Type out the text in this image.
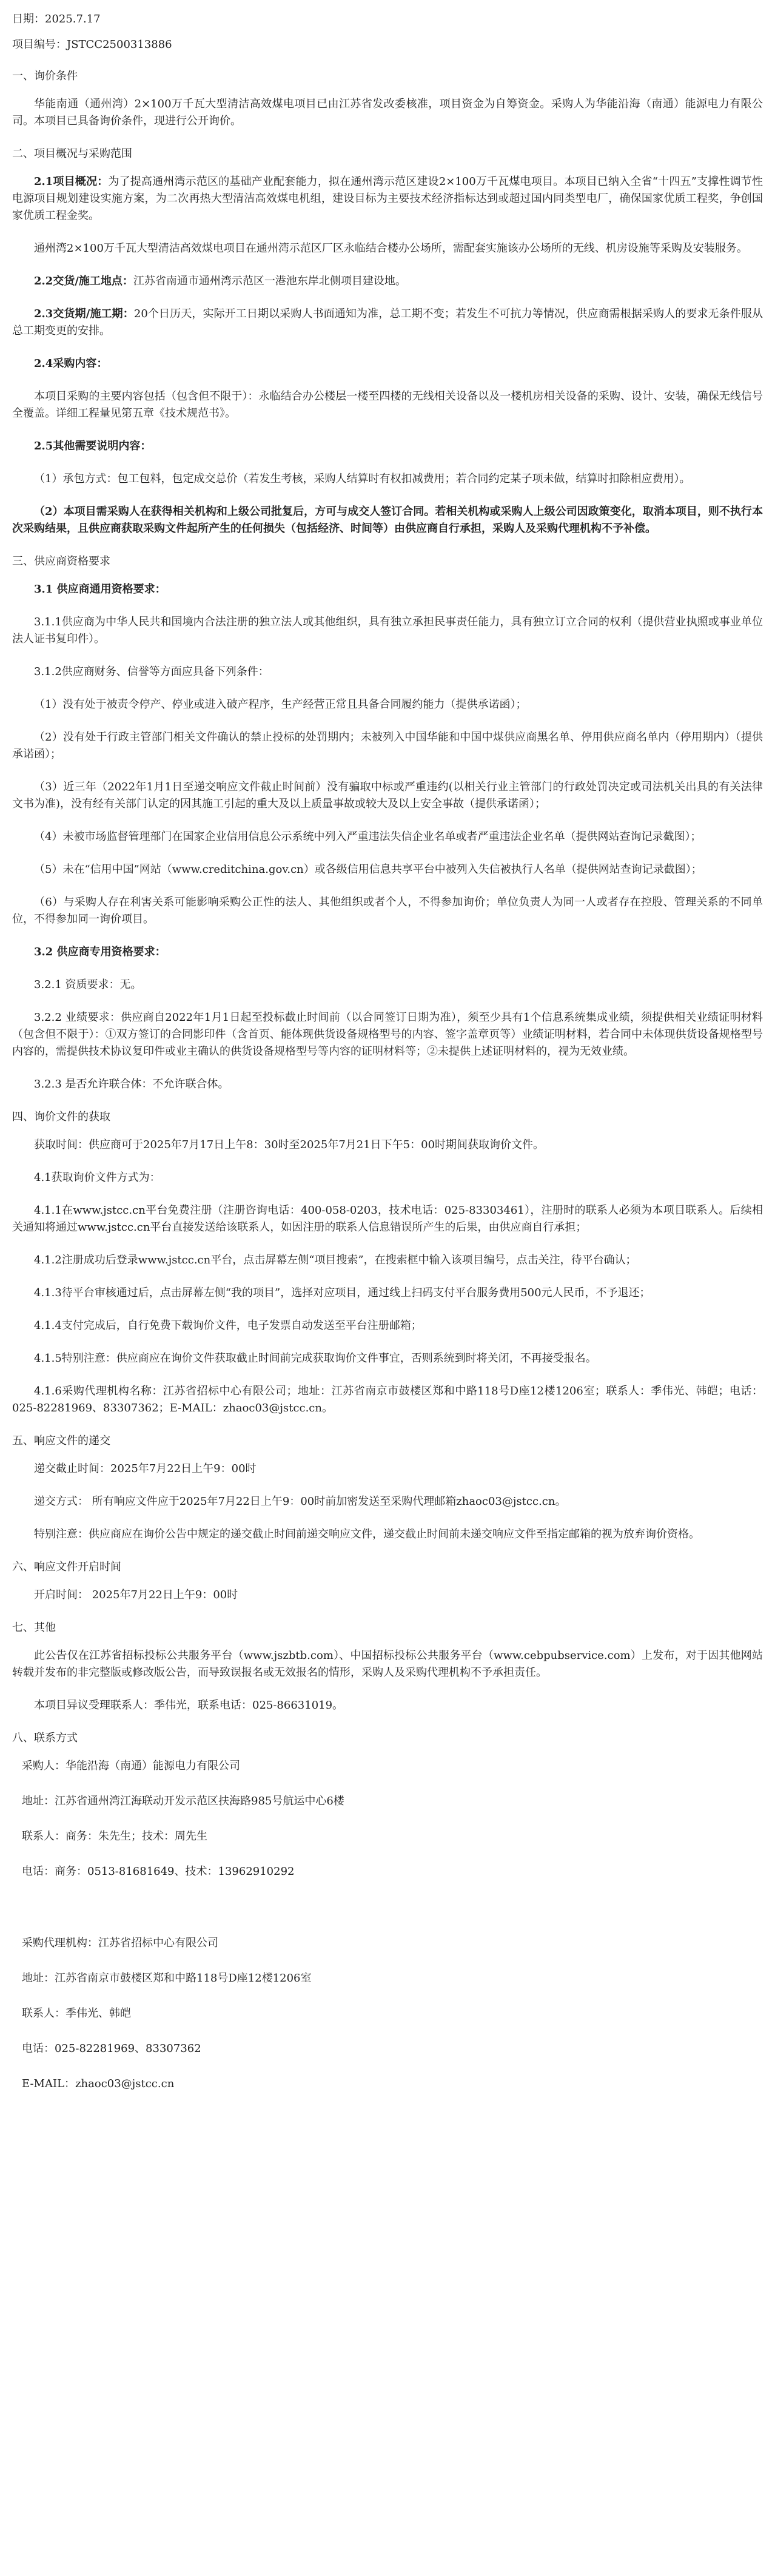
日期：2025.7.17
项目编号：JSTCC2500313886
一、询价条件
华能南通（通州湾）2×100万千瓦大型清洁高效煤电项目已由江苏省发改委核准，项目资金为自筹资金。采购人为华能沿海（南通）能源电力有限公司。本项目已具备询价条件，现进行公开询价。
二、项目概况与采购范围
2.1项目概况：为了提高通州湾示范区的基础产业配套能力，拟在通州湾示范区建设2×100万千瓦煤电项目。本项目已纳入全省“十四五”支撑性调节性电源项目规划建设实施方案，为二次再热大型清洁高效煤电机组，建设目标为主要技术经济指标达到或超过国内同类型电厂，确保国家优质工程奖，争创国家优质工程金奖。
通州湾2×100万千瓦大型清洁高效煤电项目在通州湾示范区厂区永临结合楼办公场所，需配套实施该办公场所的无线、机房设施等采购及安装服务。
2.2交货/施工地点：江苏省南通市通州湾示范区一港池东岸北侧项目建设地。
2.3交货期/施工期：20个日历天，实际开工日期以采购人书面通知为准，总工期不变；若发生不可抗力等情况，供应商需根据采购人的要求无条件服从总工期变更的安排。
2.4采购内容：
本项目采购的主要内容包括（包含但不限于）：永临结合办公楼层一楼至四楼的无线相关设备以及一楼机房相关设备的采购、设计、安装，确保无线信号全覆盖。详细工程量见第五章《技术规范书》。
2.5其他需要说明内容：
（1）承包方式：包工包料，包定成交总价（若发生考核，采购人结算时有权扣减费用；若合同约定某子项未做，结算时扣除相应费用）。
（2）本项目需采购人在获得相关机构和上级公司批复后，方可与成交人签订合同。若相关机构或采购人上级公司因政策变化，取消本项目，则不执行本次采购结果，且供应商获取采购文件起所产生的任何损失（包括经济、时间等）由供应商自行承担，采购人及采购代理机构不予补偿。
三、供应商资格要求
3.1 供应商通用资格要求：
3.1.1供应商为中华人民共和国境内合法注册的独立法人或其他组织，具有独立承担民事责任能力，具有独立订立合同的权利（提供营业执照或事业单位法人证书复印件）。
3.1.2供应商财务、信誉等方面应具备下列条件：
（1）没有处于被责令停产、停业或进入破产程序，生产经营正常且具备合同履约能力（提供承诺函）；
（2）没有处于行政主管部门相关文件确认的禁止投标的处罚期内；未被列入中国华能和中国中煤供应商黑名单、停用供应商名单内（停用期内）（提供承诺函）；
（3）近三年（2022年1月1日至递交响应文件截止时间前）没有骗取中标或严重违约(以相关行业主管部门的行政处罚决定或司法机关出具的有关法律文书为准)，没有经有关部门认定的因其施工引起的重大及以上质量事故或较大及以上安全事故（提供承诺函）；
（4）未被市场监督管理部门在国家企业信用信息公示系统中列入严重违法失信企业名单或者严重违法企业名单（提供网站查询记录截图）；
（5）未在“信用中国”网站（www.creditchina.gov.cn）或各级信用信息共享平台中被列入失信被执行人名单（提供网站查询记录截图）；
（6）与采购人存在利害关系可能影响采购公正性的法人、其他组织或者个人，不得参加询价；单位负责人为同一人或者存在控股、管理关系的不同单位，不得参加同一询价项目。
3.2 供应商专用资格要求：
3.2.1 资质要求：无。
3.2.2 业绩要求：供应商自2022年1月1日起至投标截止时间前（以合同签订日期为准），须至少具有1个信息系统集成业绩，须提供相关业绩证明材料（包含但不限于）：①双方签订的合同影印件（含首页、能体现供货设备规格型号的内容、签字盖章页等）业绩证明材料，若合同中未体现供货设备规格型号内容的，需提供技术协议复印件或业主确认的供货设备规格型号等内容的证明材料等；②未提供上述证明材料的，视为无效业绩。
3.2.3 是否允许联合体：不允许联合体。
四、询价文件的获取
获取时间：供应商可于2025年7月17日上午8：30时至2025年7月21日下午5：00时期间获取询价文件。
4.1获取询价文件方式为：
4.1.1在www.jstcc.cn平台免费注册（注册咨询电话：400-058-0203，技术电话：025-83303461），注册时的联系人必须为本项目联系人。后续相关通知将通过www.jstcc.cn平台直接发送给该联系人，如因注册的联系人信息错误所产生的后果，由供应商自行承担；
4.1.2注册成功后登录www.jstcc.cn平台，点击屏幕左侧“项目搜索”，在搜索框中输入该项目编号，点击关注，待平台确认；
4.1.3待平台审核通过后，点击屏幕左侧“我的项目”，选择对应项目，通过线上扫码支付平台服务费用500元人民币，不予退还；
4.1.4支付完成后，自行免费下载询价文件，电子发票自动发送至平台注册邮箱；
4.1.5特别注意：供应商应在询价文件获取截止时间前完成获取询价文件事宜，否则系统到时将关闭，不再接受报名。
4.1.6采购代理机构名称：江苏省招标中心有限公司；地址：江苏省南京市鼓楼区郑和中路118号D座12楼1206室；联系人：季伟光、韩皑；电话：025-82281969、83307362；E-MAIL：zhaoc03@jstcc.cn。
五、响应文件的递交
递交截止时间：2025年7月22日上午9：00时
递交方式： 所有响应文件应于2025年7月22日上午9：00时前加密发送至采购代理邮箱zhaoc03@jstcc.cn。
特别注意：供应商应在询价公告中规定的递交截止时间前递交响应文件，递交截止时间前未递交响应文件至指定邮箱的视为放弃询价资格。
六、响应文件开启时间
开启时间： 2025年7月22日上午9：00时
七、其他
此公告仅在江苏省招标投标公共服务平台（www.jszbtb.com）、中国招标投标公共服务平台（www.cebpubservice.com）上发布，对于因其他网站转载并发布的非完整版或修改版公告，而导致误报名或无效报名的情形，采购人及采购代理机构不予承担责任。
本项目异议受理联系人：季伟光，联系电话：025-86631019。
八、联系方式
采购人：华能沿海（南通）能源电力有限公司
地址：江苏省通州湾江海联动开发示范区扶海路985号航运中心6楼
联系人：商务：朱先生；技术：周先生
电话：商务：0513-81681649、技术：13962910292
采购代理机构：江苏省招标中心有限公司
地址：江苏省南京市鼓楼区郑和中路118号D座12楼1206室
联系人：季伟光、韩皑
电话：025-82281969、83307362
E-MAIL：zhaoc03@jstcc.cn
